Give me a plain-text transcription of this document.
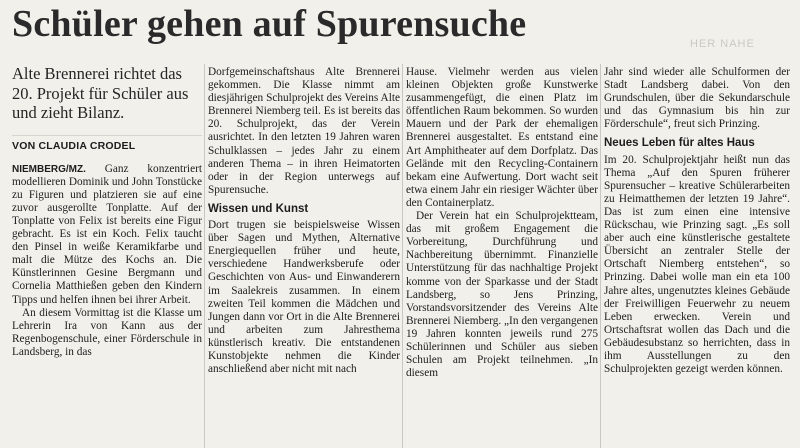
Schüler gehen auf Spurensuche	HER NAHE

Alte Brennerei richtet das 20. Projekt für Schüler aus und zieht Bilanz.

VON CLAUDIA CRODEL

NIEMBERG/MZ. Ganz konzentriert modellieren Dominik und John Tonstücke zu Figuren und platzieren sie auf eine zuvor ausgerollte Tonplatte. Auf der Tonplatte von Felix ist bereits eine Figur gebracht. Es ist ein Koch. Felix taucht den Pinsel in weiße Keramikfarbe und malt die Mütze des Kochs an. Die Künstlerinnen Gesine Bergmann und Cornelia Matthießen geben den Kindern Tipps und helfen ihnen bei ihrer Arbeit.

An diesem Vormittag ist die Klasse um Lehrerin Ira von Kann aus der Regenbogenschule, einer Förderschule in Landsberg, in das

Dorfgemeinschaftshaus Alte Brennerei gekommen. Die Klasse nimmt am diesjährigen Schulprojekt des Vereins Alte Brennerei Niemberg teil. Es ist bereits das 20. Schulprojekt, das der Verein ausrichtet. In den letzten 19 Jahren waren Schulklassen – jedes Jahr zu einem anderen Thema – in ihren Heimatorten oder in der Region unterwegs auf Spurensuche.

Wissen und Kunst

Dort trugen sie beispielsweise Wissen über Sagen und Mythen, Alternative Energiequellen früher und heute, verschiedene Handwerksberufe oder Geschichten von Aus- und Einwanderern im Saalekreis zusammen. In einem zweiten Teil kommen die Mädchen und Jungen dann vor Ort in die Alte Brennerei und arbeiten zum Jahresthema künstlerisch kreativ. Die entstandenen Kunstobjekte nehmen die Kinder anschließend aber nicht mit nach

Hause. Vielmehr werden aus vielen kleinen Objekten große Kunstwerke zusammengefügt, die einen Platz im öffentlichen Raum bekommen. So wurden Mauern und der Park der ehemaligen Brennerei ausgestaltet. Es entstand eine Art Amphitheater auf dem Dorfplatz. Das Gelände mit den Recycling-Containern bekam eine Aufwertung. Dort wacht seit etwa einem Jahr ein riesiger Wächter über den Containerplatz.

Der Verein hat ein Schulprojektteam, das mit großem Engagement die Vorbereitung, Durchführung und Nachbereitung übernimmt. Finanzielle Unterstützung für das nachhaltige Projekt komme von der Sparkasse und der Stadt Landsberg, so Jens Prinzing, Vorstandsvorsitzender des Vereins Alte Brennerei Niemberg. „In den vergangenen 19 Jahren konnten jeweils rund 275 Schülerinnen und Schüler aus sieben Schulen am Projekt teilnehmen. „In diesem

Jahr sind wieder alle Schulformen der Stadt Landsberg dabei. Von den Grundschulen, über die Sekundarschule und das Gymnasium bis hin zur Förderschule“, freut sich Prinzing.

Neues Leben für altes Haus

Im 20. Schulprojektjahr heißt nun das Thema „Auf den Spuren früherer Spurensucher – kreative Schülerarbeiten zu Heimatthemen der letzten 19 Jahre“. Das ist zum einen eine intensive Rückschau, wie Prinzing sagt. „Es soll aber auch eine künstlerische gestaltete Übersicht an zentraler Stelle der Ortschaft Niemberg entstehen“, so Prinzing. Dabei wolle man ein eta 100 Jahre altes, ungenutztes kleines Gebäude der Freiwilligen Feuerwehr zu neuem Leben erwecken. Verein und Ortschaftsrat wollen das Dach und die Gebäudesubstanz so herrichten, dass in ihm Ausstellungen zu den Schulprojekten gezeigt werden können.
